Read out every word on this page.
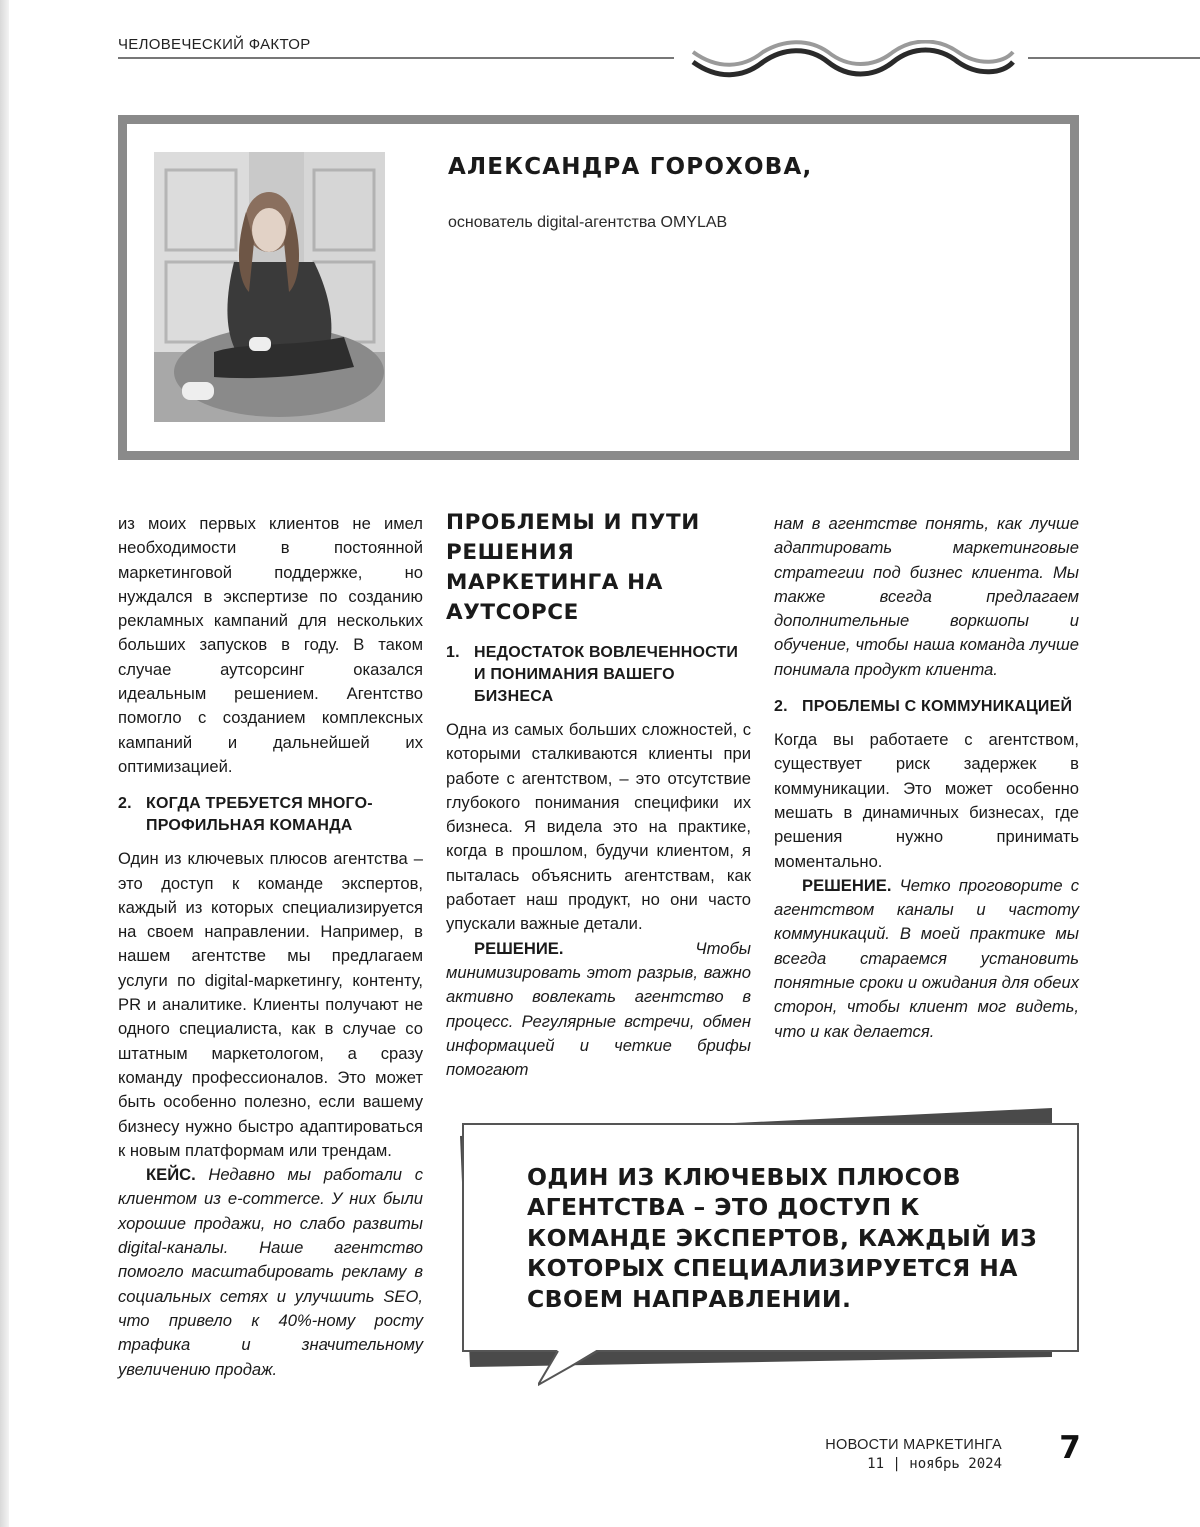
ЧЕЛОВЕЧЕСКИЙ ФАКТОР
АЛЕКСАНДРА ГОРОХОВА,
основатель digital-агентства OMYLAB

из моих первых клиентов не имел необходимости в постоянной маркетинговой поддержке, но нуждался в экспертизе по созданию рекламных кампаний для нескольких больших запусков в году. В таком случае аутсорсинг оказался идеальным решением. Агентство помогло с созданием комплексных кампаний и дальнейшей их оптимизацией.

2. КОГДА ТРЕБУЕТСЯ МНОГО-ПРОФИЛЬНАЯ КОМАНДА

Один из ключевых плюсов агентства – это доступ к команде экспертов, каждый из которых специализируется на своем направлении. Например, в нашем агентстве мы предлагаем услуги по digital-маркетингу, контенту, PR и аналитике. Клиенты получают не одного специалиста, как в случае со штатным маркетологом, а сразу команду профессионалов. Это может быть особенно полезно, если вашему бизнесу нужно быстро адаптироваться к новым платформам или трендам.

КЕЙС. Недавно мы работали с клиентом из e-commerce. У них были хорошие продажи, но слабо развиты digital-каналы. Наше агентство помогло масштабировать рекламу в социальных сетях и улучшить SEO, что привело к 40%-ному росту трафика и значительному увеличению продаж.

ПРОБЛЕМЫ И ПУТИ РЕШЕНИЯ МАРКЕТИНГА НА АУТСОРСЕ
1. НЕДОСТАТОК ВОВЛЕЧЕННОСТИ И ПОНИМАНИЯ ВАШЕГО БИЗНЕСА

Одна из самых больших сложностей, с которыми сталкиваются клиенты при работе с агентством, – это отсутствие глубокого понимания специфики их бизнеса. Я видела это на практике, когда в прошлом, будучи клиентом, я пыталась объяснить агентствам, как работает наш продукт, но они часто упускали важные детали.

РЕШЕНИЕ. Чтобы минимизировать этот разрыв, важно активно вовлекать агентство в процесс. Регулярные встречи, обмен информацией и четкие брифы помогают

нам в агентстве понять, как лучше адаптировать маркетинговые стратегии под бизнес клиента. Мы также всегда предлагаем дополнительные воркшопы и обучение, чтобы наша команда лучше понимала продукт клиента.

2. ПРОБЛЕМЫ С КОММУНИКАЦИЕЙ

Когда вы работаете с агентством, существует риск задержек в коммуникации. Это может особенно мешать в динамичных бизнесах, где решения нужно принимать моментально.

РЕШЕНИЕ. Четко проговорите с агентством каналы и частоту коммуникаций. В моей практике мы всегда стараемся установить понятные сроки и ожидания для обеих сторон, чтобы клиент мог видеть, что и как делается.

ОДИН ИЗ КЛЮЧЕВЫХ ПЛЮСОВ АГЕНТСТВА – ЭТО ДОСТУП К КОМАНДЕ ЭКСПЕРТОВ, КАЖДЫЙ ИЗ КОТОРЫХ СПЕЦИАЛИЗИРУЕТСЯ НА СВОЕМ НАПРАВЛЕНИИ.
НОВОСТИ МАРКЕТИНГА
11 | ноябрь 2024 7
